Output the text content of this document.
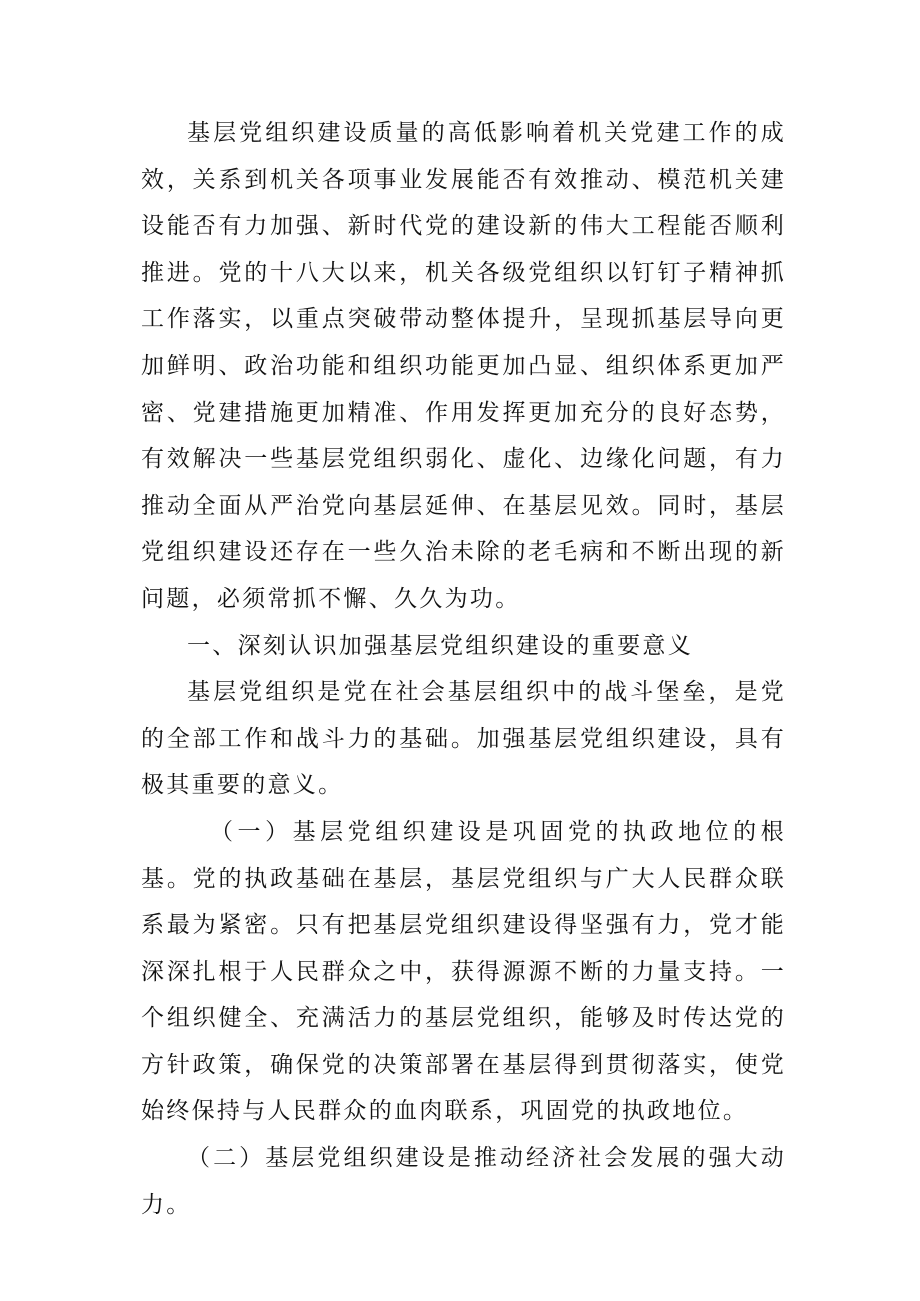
基层党组织建设质量的高低影响着机关党建工作的成效，关系到机关各项事业发展能否有效推动、模范机关建设能否有力加强、新时代党的建设新的伟大工程能否顺利推进。党的十八大以来，机关各级党组织以钉钉子精神抓工作落实，以重点突破带动整体提升，呈现抓基层导向更加鲜明、政治功能和组织功能更加凸显、组织体系更加严密、党建措施更加精准、作用发挥更加充分的良好态势，有效解决一些基层党组织弱化、虚化、边缘化问题，有力推动全面从严治党向基层延伸、在基层见效。同时，基层党组织建设还存在一些久治未除的老毛病和不断出现的新问题，必须常抓不懈、久久为功。

一、深刻认识加强基层党组织建设的重要意义

基层党组织是党在社会基层组织中的战斗堡垒，是党的全部工作和战斗力的基础。加强基层党组织建设，具有极其重要的意义。

（一）基层党组织建设是巩固党的执政地位的根基。党的执政基础在基层，基层党组织与广大人民群众联系最为紧密。只有把基层党组织建设得坚强有力，党才能深深扎根于人民群众之中，获得源源不断的力量支持。一个组织健全、充满活力的基层党组织，能够及时传达党的方针政策，确保党的决策部署在基层得到贯彻落实，使党始终保持与人民群众的血肉联系，巩固党的执政地位。

（二）基层党组织建设是推动经济社会发展的强大动力。
